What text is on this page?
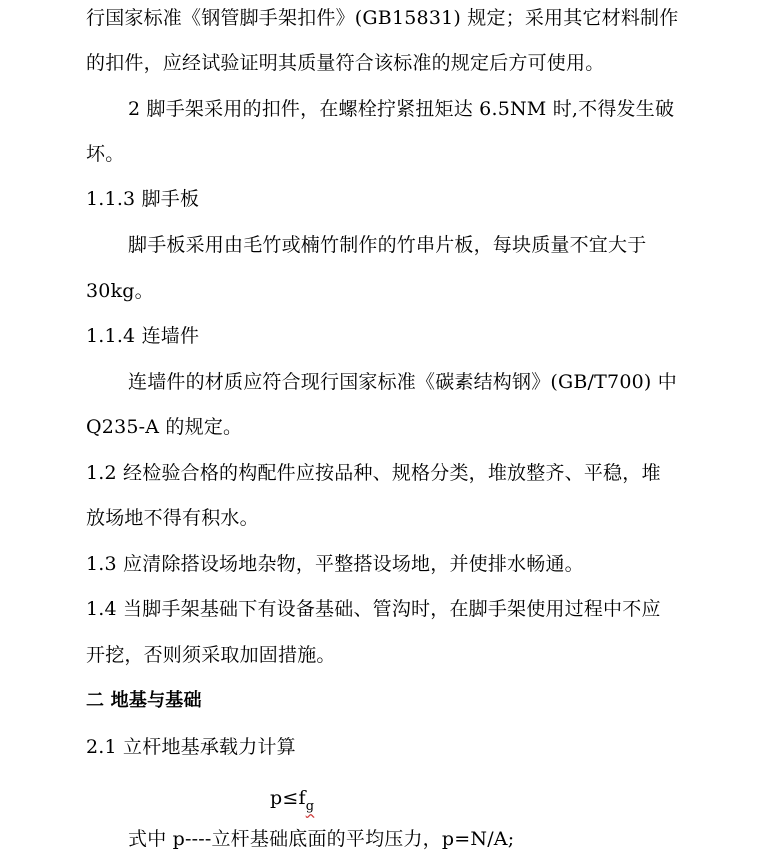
行国家标准《钢管脚手架扣件》(GB15831) 规定；采用其它材料制作
的扣件，应经试验证明其质量符合该标准的规定后方可使用。
2 脚手架采用的扣件，在螺栓拧紧扭矩达 6.5NM 时,不得发生破
坏。
1.1.3 脚手板
脚手板采用由毛竹或楠竹制作的竹串片板，每块质量不宜大于
30kg。
1.1.4 连墙件
连墙件的材质应符合现行国家标准《碳素结构钢》(GB/T700) 中
Q235-A 的规定。
1.2 经检验合格的构配件应按品种、规格分类，堆放整齐、平稳，堆
放场地不得有积水。
1.3 应清除搭设场地杂物，平整搭设场地，并使排水畅通。
1.4 当脚手架基础下有设备基础、管沟时，在脚手架使用过程中不应
开挖，否则须采取加固措施。
二 地基与基础
2.1 立杆地基承载力计算
$p\le f_g$
式中 p----立杆基础底面的平均压力，p=N/A;
